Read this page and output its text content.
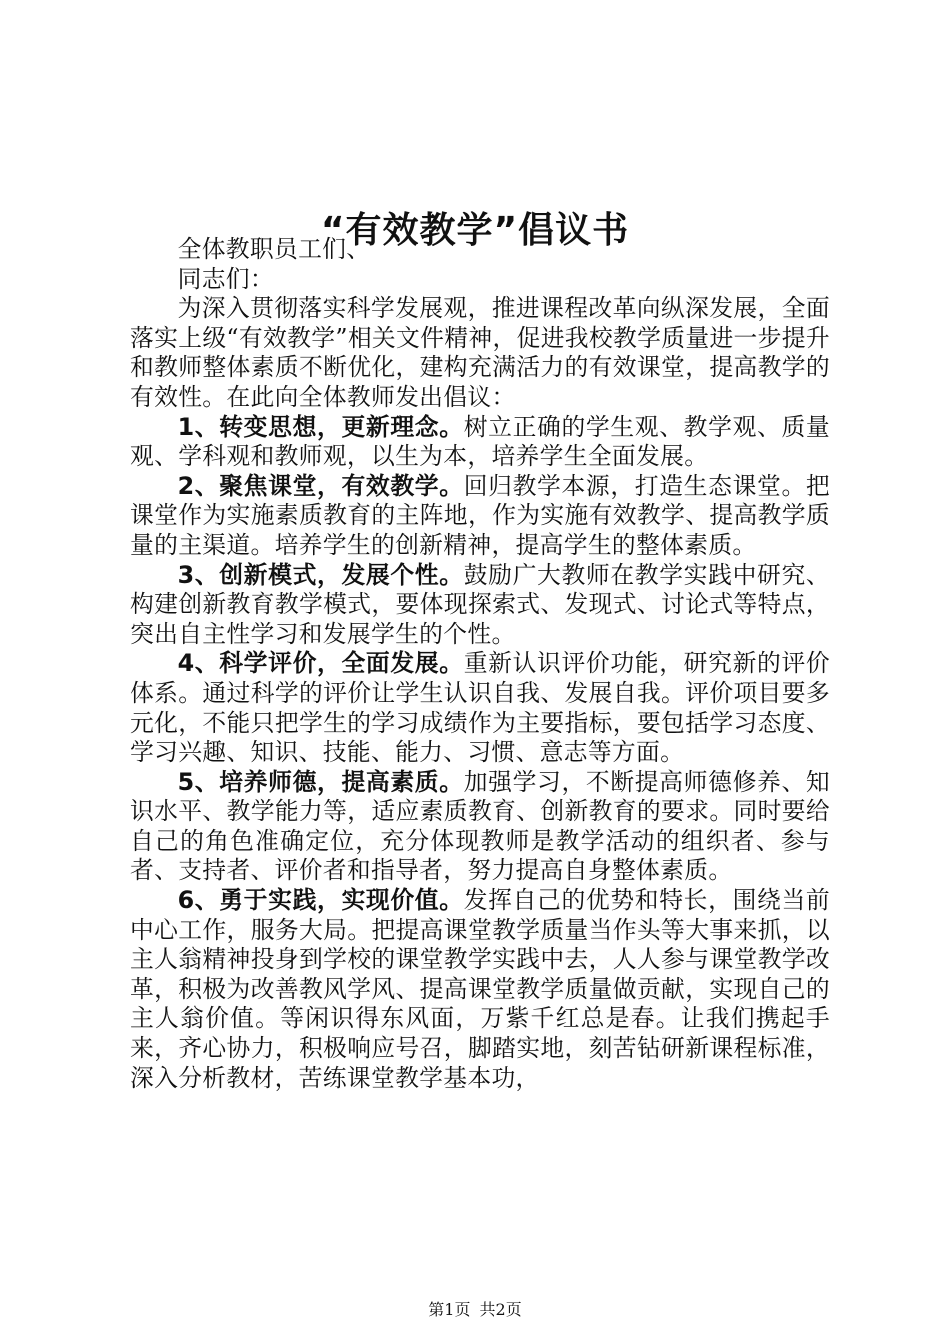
“有效教学”倡议书

全体教职员工们、

同志们：

为深入贯彻落实科学发展观，推进课程改革向纵深发展，全面落实上级“有效教学”相关文件精神，促进我校教学质量进一步提升和教师整体素质不断优化，建构充满活力的有效课堂，提高教学的有效性。在此向全体教师发出倡议：

1、转变思想，更新理念。树立正确的学生观、教学观、质量观、学科观和教师观，以生为本，培养学生全面发展。

2、聚焦课堂，有效教学。回归教学本源，打造生态课堂。把课堂作为实施素质教育的主阵地，作为实施有效教学、提高教学质量的主渠道。培养学生的创新精神，提高学生的整体素质。

3、创新模式，发展个性。鼓励广大教师在教学实践中研究、构建创新教育教学模式，要体现探索式、发现式、讨论式等特点，突出自主性学习和发展学生的个性。

4、科学评价，全面发展。重新认识评价功能，研究新的评价体系。通过科学的评价让学生认识自我、发展自我。评价项目要多元化，不能只把学生的学习成绩作为主要指标，要包括学习态度、学习兴趣、知识、技能、能力、习惯、意志等方面。

5、培养师德，提高素质。加强学习，不断提高师德修养、知识水平、教学能力等，适应素质教育、创新教育的要求。同时要给自己的角色准确定位，充分体现教师是教学活动的组织者、参与者、支持者、评价者和指导者，努力提高自身整体素质。

6、勇于实践，实现价值。发挥自己的优势和特长，围绕当前中心工作，服务大局。把提高课堂教学质量当作头等大事来抓，以主人翁精神投身到学校的课堂教学实践中去，人人参与课堂教学改革，积极为改善教风学风、提高课堂教学质量做贡献，实现自己的主人翁价值。等闲识得东风面，万紫千红总是春。让我们携起手来，齐心协力，积极响应号召，脚踏实地，刻苦钻研新课程标准，深入分析教材，苦练课堂教学基本功，

第1页 共2页
